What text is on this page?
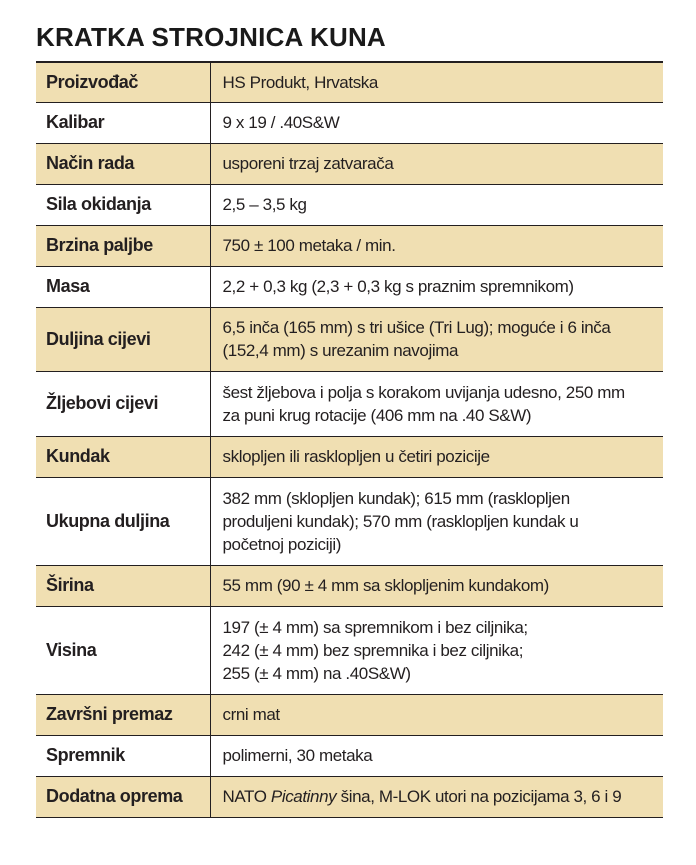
KRATKA STROJNICA KUNA
Proizvođač	HS Produkt, Hrvatska
Kalibar	9 x 19 / .40S&W
Način rada	usporeni trzaj zatvarača
Sila okidanja	2,5 – 3,5 kg
Brzina paljbe	750 ± 100 metaka / min.
Masa	2,2 + 0,3 kg (2,3 + 0,3 kg s praznim spremnikom)
Duljina cijevi	6,5 inča (165 mm) s tri ušice (Tri Lug); moguće i 6 inča
(152,4 mm) s urezanim navojima

Žljebovi cijevi	šest žljebova i polja s korakom uvijanja udesno, 250 mm
za puni krug rotacije (406 mm na .40 S&W)

Kundak	sklopljen ili rasklopljen u četiri pozicije
Ukupna duljina	382 mm (sklopljen kundak); 615 mm (rasklopljen
produljeni kundak); 570 mm (rasklopljen kundak u
početnoj poziciji)

Širina	55 mm (90 ± 4 mm sa sklopljenim kundakom)
Visina	197 (± 4 mm) sa spremnikom i bez ciljnika;
242 (± 4 mm) bez spremnika i bez ciljnika;
255 (± 4 mm) na .40S&W)

Završni premaz	crni mat
Spremnik	polimerni, 30 metaka
Dodatna oprema	NATO Picatinny šina, M-LOK utori na pozicijama 3, 6 i 9
